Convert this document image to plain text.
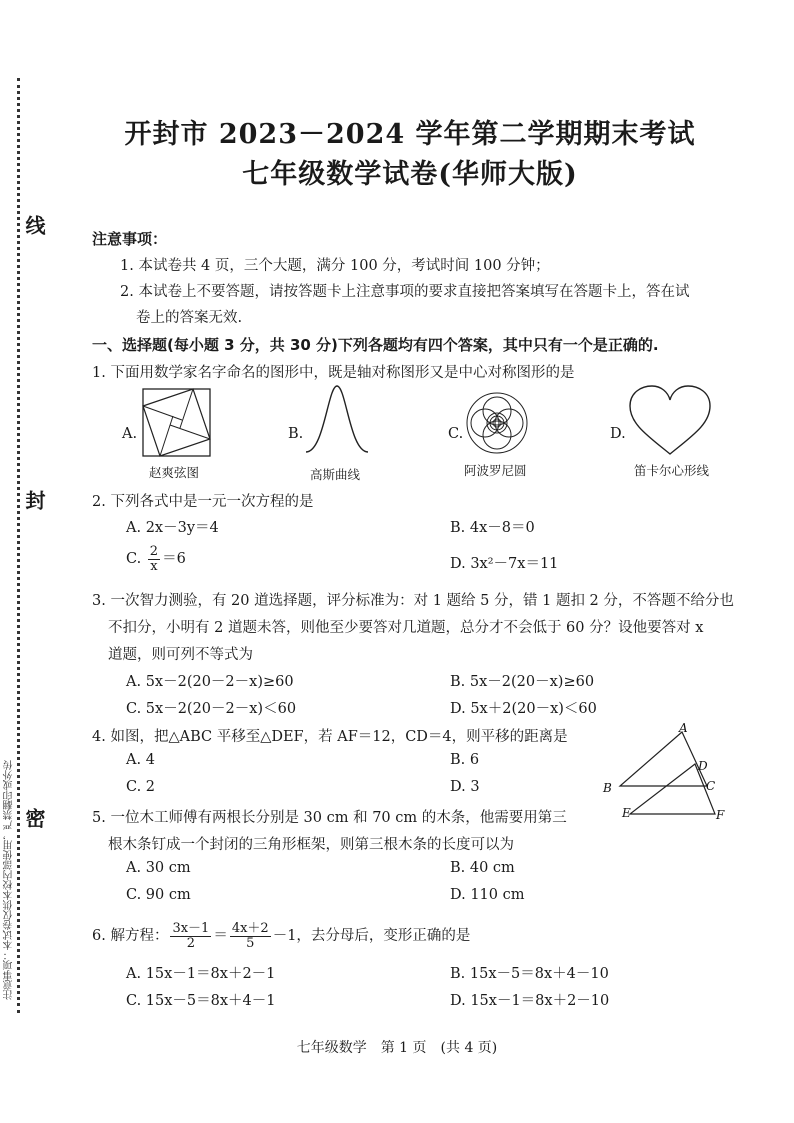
线
封
密
注意事项：本试卷仅供本校内部使用，严禁翻印或外传
开封市 2023－2024 学年第二学期期末考试
七年级数学试卷(华师大版)
注意事项：
1. 本试卷共 4 页，三个大题，满分 100 分，考试时间 100 分钟；
2. 本试卷上不要答题，请按答题卡上注意事项的要求直接把答案填写在答题卡上，答在试
卷上的答案无效.
一、选择题(每小题 3 分，共 30 分)下列各题均有四个答案，其中只有一个是正确的.
1. 下面用数学家名字命名的图形中，既是轴对称图形又是中心对称图形的是
A.
赵爽弦图
B.
高斯曲线
C.
阿波罗尼圆
D.
笛卡尔心形线
2. 下列各式中是一元一次方程的是
A. 2x－3y＝4	B. 4x－8＝0
C. $\frac{2}{x} =6$	D. 3x²－7x＝11
3. 一次智力测验，有 20 道选择题，评分标准为：对 1 题给 5 分，错 1 题扣 2 分，不答题不给分也
不扣分，小明有 2 道题未答，则他至少要答对几道题，总分才不会低于 60 分？设他要答对 x
道题，则可列不等式为
A. 5x－2(20－2－x)≥60	B. 5x－2(20－x)≥60
C. 5x－2(20－2－x)＜60	D. 5x＋2(20－x)＜60
4. 如图，把△ABC 平移至△DEF，若 AF＝12，CD＝4，则平移的距离是
A. 4	B. 6
C. 2	D. 3
A
D
B	C
E	F
5. 一位木工师傅有两根长分别是 30 cm 和 70 cm 的木条，他需要用第三
根木条钉成一个封闭的三角形框架，则第三根木条的长度可以为
A. 30 cm	B. 40 cm
C. 90 cm	D. 110 cm
6. 解方程： $\frac{3x-1}{2} = \frac{4x+2}{5} -1$，去分母后，变形正确的是
A. 15x－1＝8x＋2－1	B. 15x－5＝8x＋4－10
C. 15x－5＝8x＋4－1	D. 15x－1＝8x＋2－10
七年级数学　第 1 页　(共 4 页)
